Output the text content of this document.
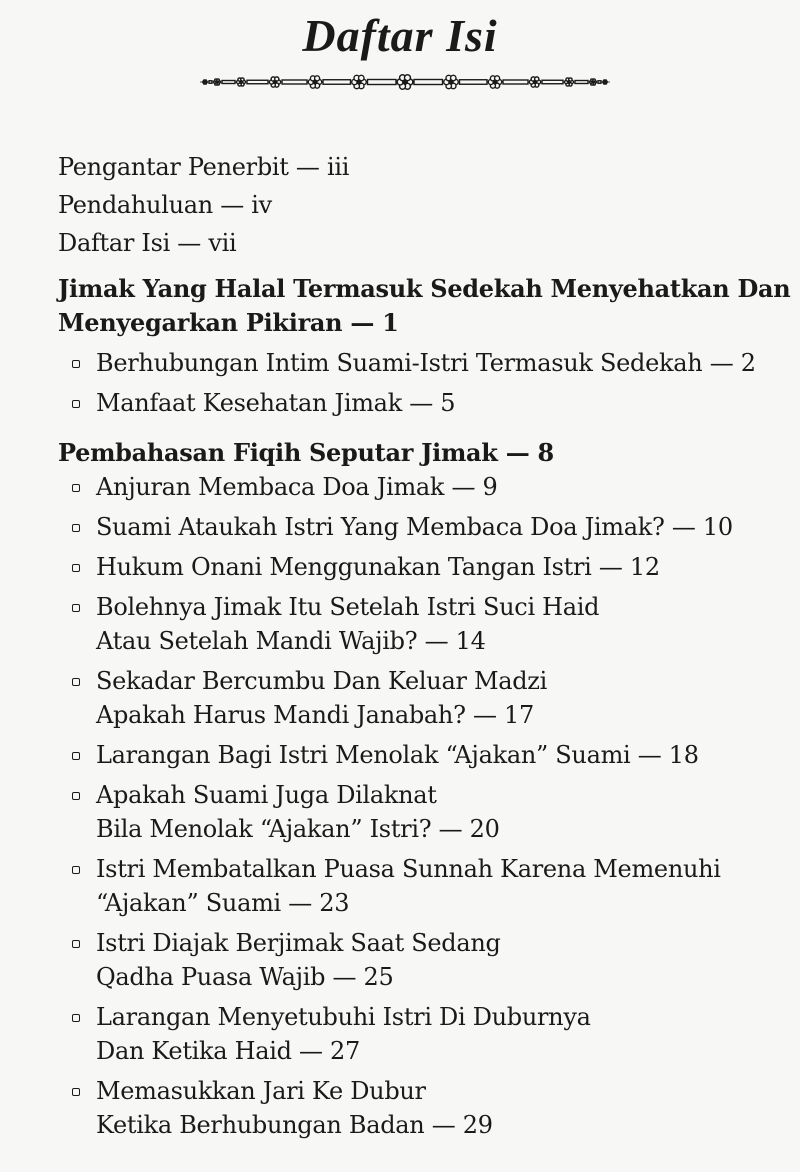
Daftar Isi
Pengantar Penerbit — iii
Pendahuluan — iv
Daftar Isi — vii
Jimak Yang Halal Termasuk Sedekah Menyehatkan Dan
Menyegarkan Pikiran — 1
Berhubungan Intim Suami-Istri Termasuk Sedekah — 2
Manfaat Kesehatan Jimak — 5
Pembahasan Fiqih Seputar Jimak — 8
Anjuran Membaca Doa Jimak — 9
Suami Ataukah Istri Yang Membaca Doa Jimak? — 10
Hukum Onani Menggunakan Tangan Istri — 12
Bolehnya Jimak Itu Setelah Istri Suci Haid
Atau Setelah Mandi Wajib? — 14
Sekadar Bercumbu Dan Keluar Madzi
Apakah Harus Mandi Janabah? — 17
Larangan Bagi Istri Menolak “Ajakan” Suami — 18
Apakah Suami Juga Dilaknat
Bila Menolak “Ajakan” Istri? — 20
Istri Membatalkan Puasa Sunnah Karena Memenuhi
“Ajakan” Suami — 23
Istri Diajak Berjimak Saat Sedang
Qadha Puasa Wajib — 25
Larangan Menyetubuhi Istri Di Duburnya
Dan Ketika Haid — 27
Memasukkan Jari Ke Dubur
Ketika Berhubungan Badan — 29
